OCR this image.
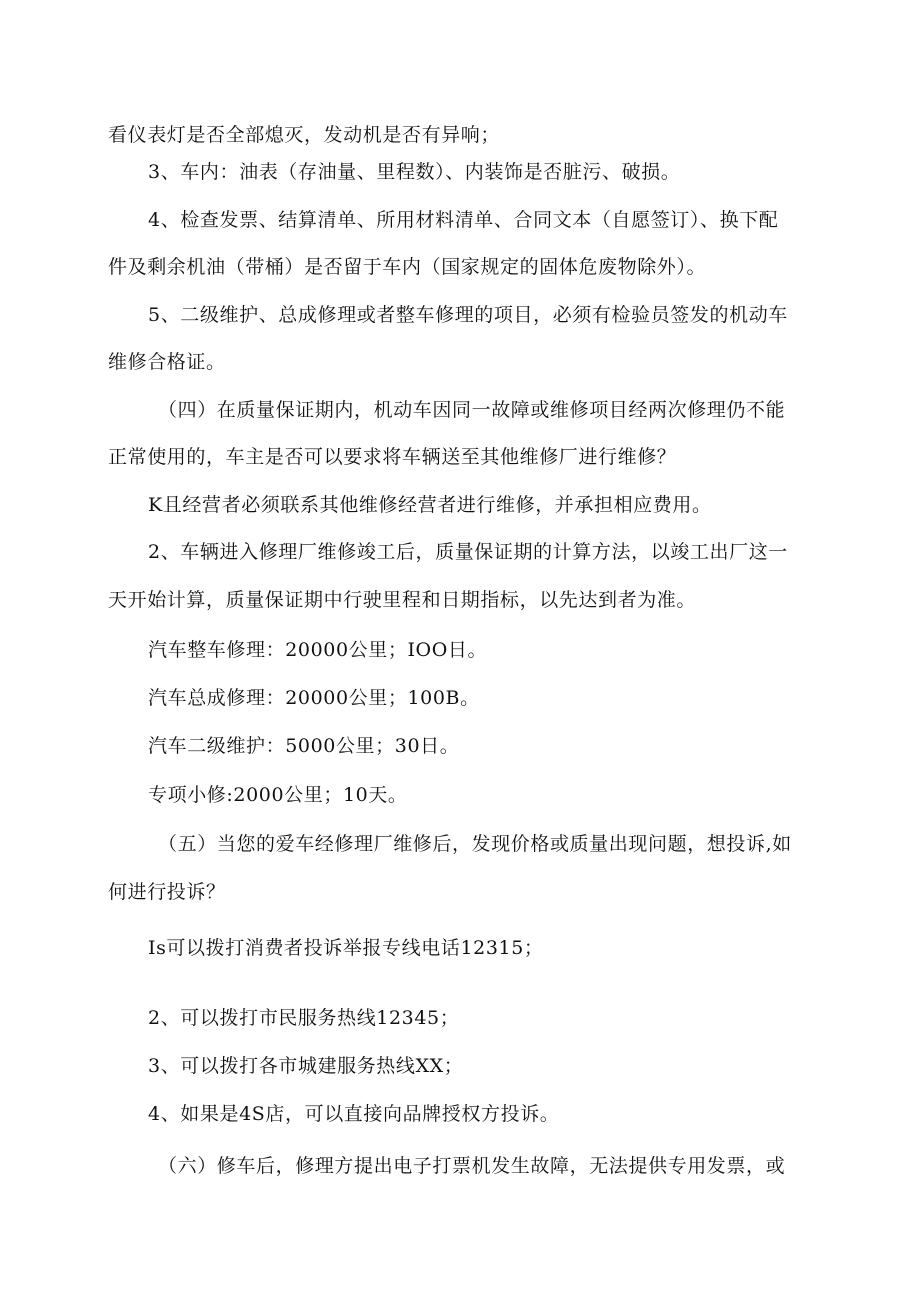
看仪表灯是否全部熄灭，发动机是否有异响；
3、车内：油表（存油量、里程数）、内装饰是否脏污、破损。
4、检查发票、结算清单、所用材料清单、合同文本（自愿签订）、换下配
件及剩余机油（带桶）是否留于车内（国家规定的固体危废物除外）。
5、二级维护、总成修理或者整车修理的项目，必须有检验员签发的机动车
维修合格证。
（四）在质量保证期内，机动车因同一故障或维修项目经两次修理仍不能
正常使用的，车主是否可以要求将车辆送至其他维修厂进行维修？
K且经营者必须联系其他维修经营者进行维修，并承担相应费用。
2、车辆进入修理厂维修竣工后，质量保证期的计算方法，以竣工出厂这一
天开始计算，质量保证期中行驶里程和日期指标，以先达到者为准。
汽车整车修理：20000公里；IOO日。
汽车总成修理：20000公里；100B。
汽车二级维护：5000公里；30日。
专项小修:2000公里；10天。
（五）当您的爱车经修理厂维修后，发现价格或质量出现问题，想投诉,如
何进行投诉？
Is可以拨打消费者投诉举报专线电话12315；
2、可以拨打市民服务热线12345；
3、可以拨打各市城建服务热线XX；
4、如果是4S店，可以直接向品牌授权方投诉。
（六）修车后，修理方提出电子打票机发生故障，无法提供专用发票，或
